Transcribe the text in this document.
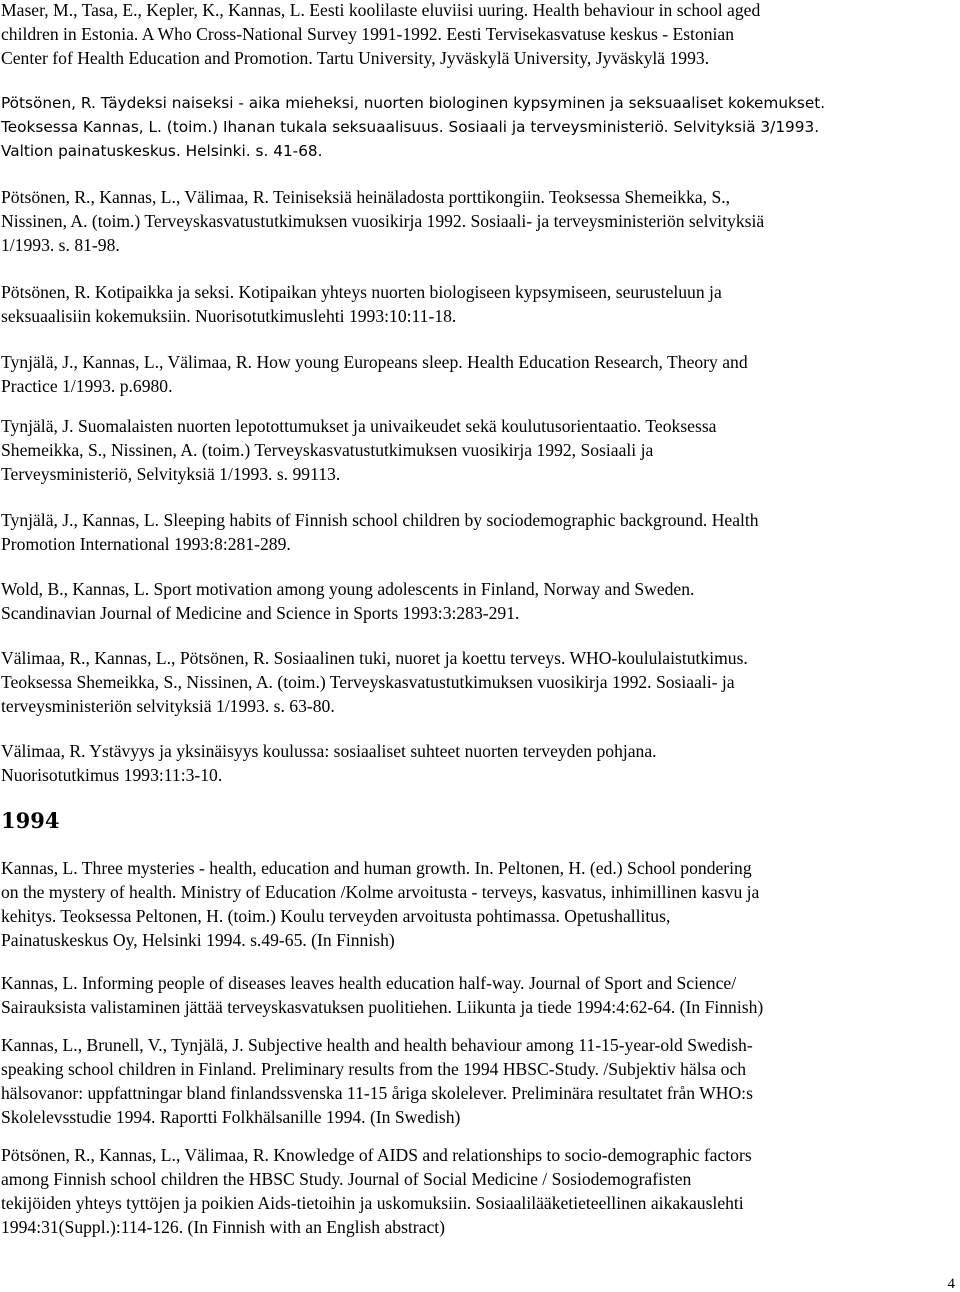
Maser, M., Tasa, E., Kepler, K., Kannas, L. Eesti koolilaste eluviisi uuring. Health behaviour in school aged
children in Estonia. A Who Cross-National Survey 1991-1992. Eesti Tervisekasvatuse keskus - Estonian
Center fof Health Education and Promotion. Tartu University, Jyväskylä University, Jyväskylä 1993.
Pötsönen, R. Täydeksi naiseksi - aika mieheksi, nuorten biologinen kypsyminen ja seksuaaliset kokemukset.
Teoksessa Kannas, L. (toim.) Ihanan tukala seksuaalisuus. Sosiaali ja terveysministeriö. Selvityksiä 3/1993.
Valtion painatuskeskus. Helsinki. s. 41-68.
Pötsönen, R., Kannas, L., Välimaa, R. Teiniseksiä heinäladosta porttikongiin. Teoksessa Shemeikka, S.,
Nissinen, A. (toim.) Terveyskasvatustutkimuksen vuosikirja 1992. Sosiaali- ja terveysministeriön selvityksiä
1/1993. s. 81-98.
Pötsönen, R. Kotipaikka ja seksi. Kotipaikan yhteys nuorten biologiseen kypsymiseen, seurusteluun ja
seksuaalisiin kokemuksiin. Nuorisotutkimuslehti 1993:10:11-18.
Tynjälä, J., Kannas, L., Välimaa, R. How young Europeans sleep. Health Education Research, Theory and
Practice 1/1993. p.6980.
Tynjälä, J. Suomalaisten nuorten lepotottumukset ja univaikeudet sekä koulutusorientaatio. Teoksessa
Shemeikka, S., Nissinen, A. (toim.) Terveyskasvatustutkimuksen vuosikirja 1992, Sosiaali ja
Terveysministeriö, Selvityksiä 1/1993. s. 99113.
Tynjälä, J., Kannas, L. Sleeping habits of Finnish school children by sociodemographic background. Health
Promotion International 1993:8:281-289.
Wold, B., Kannas, L. Sport motivation among young adolescents in Finland, Norway and Sweden.
Scandinavian Journal of Medicine and Science in Sports 1993:3:283-291.
Välimaa, R., Kannas, L., Pötsönen, R. Sosiaalinen tuki, nuoret ja koettu terveys. WHO-koululaistutkimus.
Teoksessa Shemeikka, S., Nissinen, A. (toim.) Terveyskasvatustutkimuksen vuosikirja 1992. Sosiaali- ja
terveysministeriön selvityksiä 1/1993. s. 63-80.
Välimaa, R. Ystävyys ja yksinäisyys koulussa: sosiaaliset suhteet nuorten terveyden pohjana.
Nuorisotutkimus 1993:11:3-10.
1994
Kannas, L. Three mysteries - health, education and human growth. In. Peltonen, H. (ed.) School pondering
on the mystery of health. Ministry of Education /Kolme arvoitusta - terveys, kasvatus, inhimillinen kasvu ja
kehitys. Teoksessa Peltonen, H. (toim.) Koulu terveyden arvoitusta pohtimassa. Opetushallitus,
Painatuskeskus Oy, Helsinki 1994. s.49-65. (In Finnish)
Kannas, L. Informing people of diseases leaves health education half-way. Journal of Sport and Science/
Sairauksista valistaminen jättää terveyskasvatuksen puolitiehen. Liikunta ja tiede 1994:4:62-64. (In Finnish)
Kannas, L., Brunell, V., Tynjälä, J. Subjective health and health behaviour among 11-15-year-old Swedish-
speaking school children in Finland. Preliminary results from the 1994 HBSC-Study. /Subjektiv hälsa och
hälsovanor: uppfattningar bland finlandssvenska 11-15 åriga skolelever. Preliminära resultatet från WHO:s
Skolelevsstudie 1994. Raportti Folkhälsanille 1994. (In Swedish)
Pötsönen, R., Kannas, L., Välimaa, R. Knowledge of AIDS and relationships to socio-demographic factors
among Finnish school children the HBSC Study. Journal of Social Medicine / Sosiodemografisten
tekijöiden yhteys tyttöjen ja poikien Aids-tietoihin ja uskomuksiin. Sosiaalilääketieteellinen aikakauslehti
1994:31(Suppl.):114-126. (In Finnish with an English abstract)

4
